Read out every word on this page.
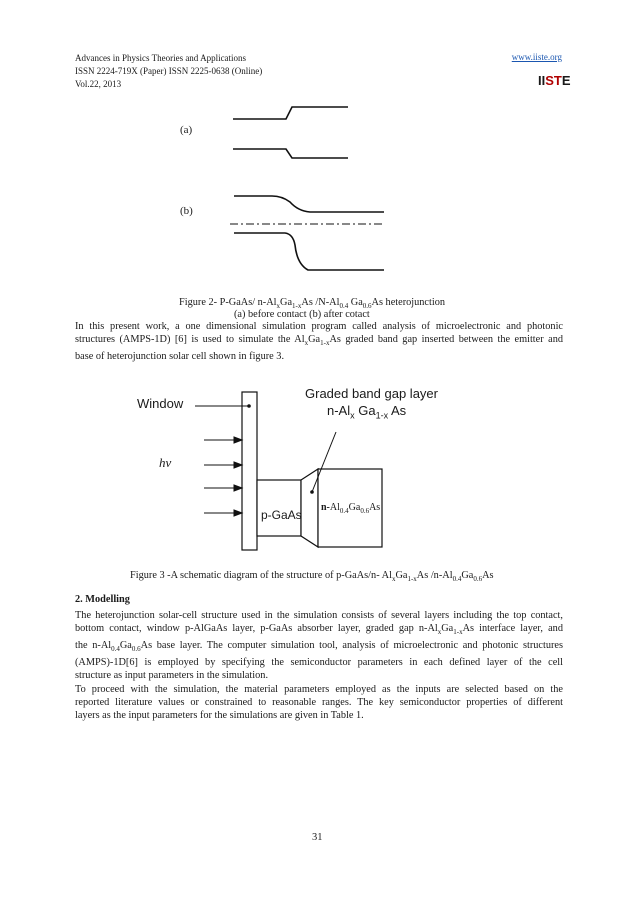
Advances in Physics Theories and Applications
ISSN 2224-719X (Paper) ISSN 2225-0638 (Online)
Vol.22, 2013
www.iiste.org
IISTE
(a)
(b)
Figure 2- P-GaAs/ $n-Al_xGa_{1-x}As$ $/N-Al_{0.4}$ $Ga_{0.6}As$ heterojunction
(a) before contact (b) after cotact
In this present work, a one dimensional simulation program called analysis of microelectronic and photonic
structures (AMPS-1D) [6] is used to simulate the $Al_xGa_{1-x}As$ graded band gap inserted between the emitter and
base of heterojunction solar cell shown in figure 3.
Window
hv
Graded band gap layer
$n-Al_x$ $Ga_{1-x}$ As
p-GaAs
$n-Al_{0.4}Ga_{0.6}As$
Figure 3 -A schematic diagram of the structure of p-GaAs/n- $Al_xGa_{1-x}As$ $/n-Al_{0.4}Ga_{0.6}As$
2. Modelling
The heterojunction solar-cell structure used in the simulation consists of several layers including the top contact,
bottom contact, window p-AlGaAs layer, p-GaAs absorber layer, graded gap $n-Al_xGa_{1-x}As$ interface layer, and
the $n-Al_{0.4}Ga_{0.6}As$ base layer. The computer simulation tool, analysis of microelectronic and photonic structures
(AMPS)-1D[6] is employed by specifying the semiconductor parameters in each defined layer of the cell
structure as input parameters in the simulation.
To proceed with the simulation, the material parameters employed as the inputs are selected based on the
reported literature values or constrained to reasonable ranges. The key semiconductor properties of different
layers as the input parameters for the simulations are given in Table 1.
31
